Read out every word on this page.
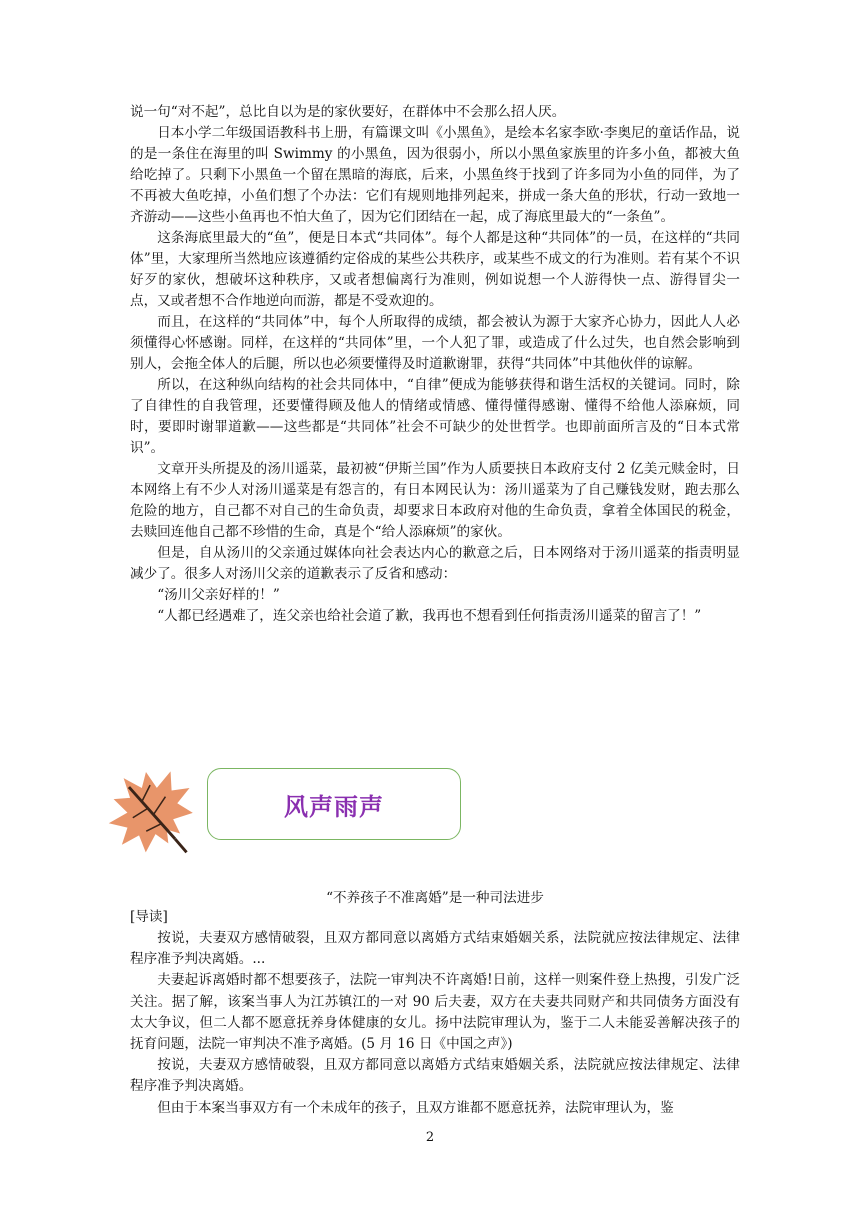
说一句“对不起”，总比自以为是的家伙要好，在群体中不会那么招人厌。

日本小学二年级国语教科书上册，有篇课文叫《小黑鱼》，是绘本名家李欧·李奥尼的童话作品，说的是一条住在海里的叫 Swimmy 的小黑鱼，因为很弱小，所以小黑鱼家族里的许多小鱼，都被大鱼给吃掉了。只剩下小黑鱼一个留在黑暗的海底，后来，小黑鱼终于找到了许多同为小鱼的同伴，为了不再被大鱼吃掉，小鱼们想了个办法：它们有规则地排列起来，拼成一条大鱼的形状，行动一致地一齐游动——这些小鱼再也不怕大鱼了，因为它们团结在一起，成了海底里最大的“一条鱼”。

这条海底里最大的“鱼”，便是日本式“共同体”。每个人都是这种“共同体”的一员，在这样的“共同体”里，大家理所当然地应该遵循约定俗成的某些公共秩序，或某些不成文的行为准则。若有某个不识好歹的家伙，想破坏这种秩序，又或者想偏离行为准则，例如说想一个人游得快一点、游得冒尖一点，又或者想不合作地逆向而游，都是不受欢迎的。

而且，在这样的“共同体”中，每个人所取得的成绩，都会被认为源于大家齐心协力，因此人人必须懂得心怀感谢。同样，在这样的“共同体”里，一个人犯了罪，或造成了什么过失，也自然会影响到别人，会拖全体人的后腿，所以也必须要懂得及时道歉谢罪，获得“共同体”中其他伙伴的谅解。

所以，在这种纵向结构的社会共同体中，“自律”便成为能够获得和谐生活权的关键词。同时，除了自律性的自我管理，还要懂得顾及他人的情绪或情感、懂得懂得感谢、懂得不给他人添麻烦，同时，要即时谢罪道歉——这些都是“共同体”社会不可缺少的处世哲学。也即前面所言及的“日本式常识”。

文章开头所提及的汤川遥菜，最初被“伊斯兰国”作为人质要挟日本政府支付 2 亿美元赎金时，日本网络上有不少人对汤川遥菜是有怨言的，有日本网民认为：汤川遥菜为了自己赚钱发财，跑去那么危险的地方，自己都不对自己的生命负责，却要求日本政府对他的生命负责，拿着全体国民的税金，去赎回连他自己都不珍惜的生命，真是个“给人添麻烦”的家伙。

但是，自从汤川的父亲通过媒体向社会表达内心的歉意之后，日本网络对于汤川遥菜的指责明显减少了。很多人对汤川父亲的道歉表示了反省和感动：

“汤川父亲好样的！”

“人都已经遇难了，连父亲也给社会道了歉，我再也不想看到任何指责汤川遥菜的留言了！”

风声雨声
“不养孩子不准离婚”是一种司法进步
[导读]

按说，夫妻双方感情破裂，且双方都同意以离婚方式结束婚姻关系，法院就应按法律规定、法律程序准予判决离婚。...

夫妻起诉离婚时都不想要孩子，法院一审判决不许离婚!日前，这样一则案件登上热搜，引发广泛关注。据了解，该案当事人为江苏镇江的一对 90 后夫妻，双方在夫妻共同财产和共同债务方面没有太大争议，但二人都不愿意抚养身体健康的女儿。扬中法院审理认为，鉴于二人未能妥善解决孩子的抚育问题，法院一审判决不准予离婚。(5 月 16 日《中国之声》)

按说，夫妻双方感情破裂，且双方都同意以离婚方式结束婚姻关系，法院就应按法律规定、法律程序准予判决离婚。

但由于本案当事双方有一个未成年的孩子，且双方谁都不愿意抚养，法院审理认为，鉴

2
